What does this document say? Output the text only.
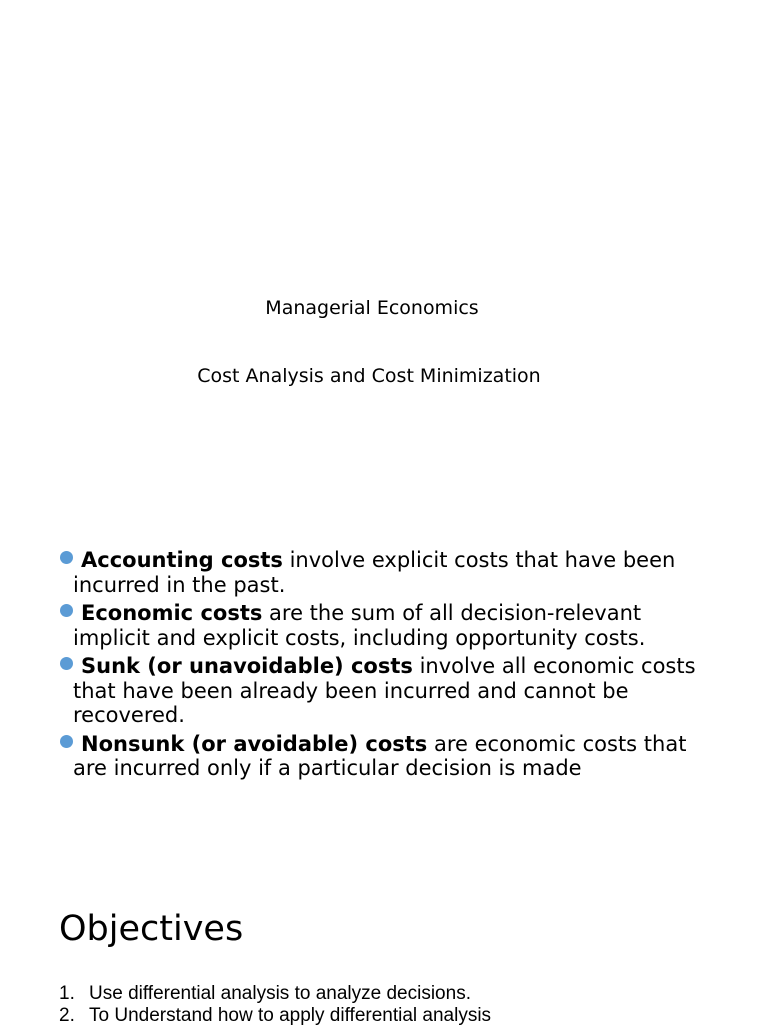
Managerial Economics
Cost Analysis and Cost Minimization
Accounting costs involve explicit costs that have been incurred in the past.
Economic costs are the sum of all decision-relevant implicit and explicit costs, including opportunity costs.
Sunk (or unavoidable) costs involve all economic costs that have been already been incurred and cannot be recovered.
Nonsunk (or avoidable) costs are economic costs that are incurred only if a particular decision is made
Objectives
1. Use differential analysis to analyze decisions.
2. To Understand how to apply differential analysis
